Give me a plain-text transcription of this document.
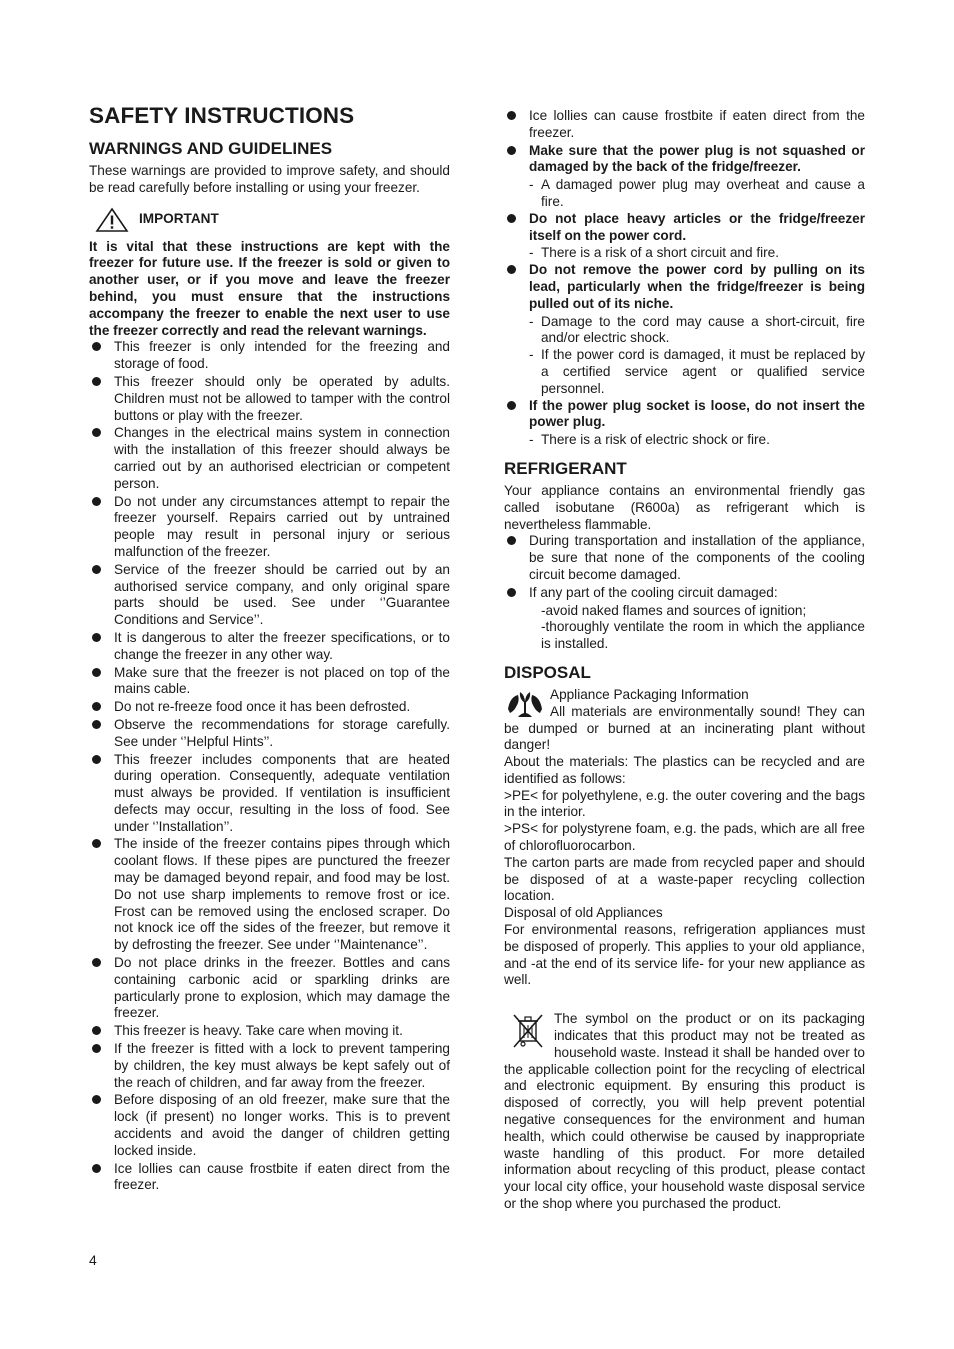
SAFETY INSTRUCTIONS
WARNINGS AND GUIDELINES

These warnings are provided to improve safety, and should be read carefully before installing or using your freezer.

IMPORTANT

It is vital that these instructions are kept with the freezer for future use. If the freezer is sold or given to another user, or if you move and leave the freezer behind, you must ensure that the instructions accompany the freezer to enable the next user to use the freezer correctly and read the relevant warnings.

This freezer is only intended for the freezing and storage of food.
This freezer should only be operated by adults. Children must not be allowed to tamper with the control buttons or play with the freezer.
Changes in the electrical mains system in connection with the installation of this freezer should always be carried out by an authorised electrician or competent person.
Do not under any circumstances attempt to repair the freezer yourself. Repairs carried out by untrained people may result in personal injury or serious malfunction of the freezer.
Service of the freezer should be carried out by an authorised service company, and only original spare parts should be used. See under ‘’Guarantee Conditions and Service’’.
It is dangerous to alter the freezer specifications, or to change the freezer in any other way.
Make sure that the freezer is not placed on top of the mains cable.
Do not re-freeze food once it has been defrosted.
Observe the recommendations for storage carefully. See under ‘’Helpful Hints’’.
This freezer includes components that are heated during operation. Consequently, adequate ventilation must always be provided. If ventilation is insufficient defects may occur, resulting in the loss of food. See under ‘’Installation’’.
The inside of the freezer contains pipes through which coolant flows. If these pipes are punctured the freezer may be damaged beyond repair, and food may be lost. Do not use sharp implements to remove frost or ice. Frost can be removed using the enclosed scraper. Do not knock ice off the sides of the freezer, but remove it by defrosting the freezer. See under ‘’Maintenance’’.
Do not place drinks in the freezer. Bottles and cans containing carbonic acid or sparkling drinks are particularly prone to explosion, which may damage the freezer.
This freezer is heavy. Take care when moving it.
If the freezer is fitted with a lock to prevent tampering by children, the key must always be kept safely out of the reach of children, and far away from the freezer.
Before disposing of an old freezer, make sure that the lock (if present) no longer works. This is to prevent accidents and avoid the danger of children getting locked inside.
Ice lollies can cause frostbite if eaten direct from the freezer.
Ice lollies can cause frostbite if eaten direct from the freezer.
Make sure that the power plug is not squashed or damaged by the back of the fridge/freezer.
- A damaged power plug may overheat and cause a fire.
Do not place heavy articles or the fridge/freezer itself on the power cord.
- There is a risk of a short circuit and fire.
Do not remove the power cord by pulling on its lead, particularly when the fridge/freezer is being pulled out of its niche.
- Damage to the cord may cause a short-circuit, fire and/or electric shock.
- If the power cord is damaged, it must be replaced by a certified service agent or qualified service personnel.
If the power plug socket is loose, do not insert the power plug.
- There is a risk of electric shock or fire.
REFRIGERANT

Your appliance contains an environmental friendly gas called isobutane (R600a) as refrigerant which is nevertheless flammable.

During transportation and installation of the appliance, be sure that none of the components of the cooling circuit become damaged.
If any part of the cooling circuit damaged:
-avoid naked flames and sources of ignition;
-thoroughly ventilate the room in which the appliance is installed.
DISPOSAL
Appliance Packaging Information

All materials are environmentally sound! They can be dumped or burned at an incinerating plant without danger!

About the materials: The plastics can be recycled and are identified as follows:

>PE< for polyethylene, e.g. the outer covering and the bags in the interior.

>PS< for polystyrene foam, e.g. the pads, which are all free of chlorofluorocarbon.

The carton parts are made from recycled paper and should be disposed of at a waste-paper recycling collection location.

Disposal of old Appliances

For environmental reasons, refrigeration appliances must be disposed of properly. This applies to your old appliance, and -at the end of its service life- for your new appliance as well.

The symbol on the product or on its packaging indicates that this product may not be treated as household waste. Instead it shall be handed over to the applicable collection point for the recycling of electrical and electronic equipment. By ensuring this product is disposed of correctly, you will help prevent potential negative consequences for the environment and human health, which could otherwise be caused by inappropriate waste handling of this product. For more detailed information about recycling of this product, please contact your local city office, your household waste disposal service or the shop where you purchased the product.

4
